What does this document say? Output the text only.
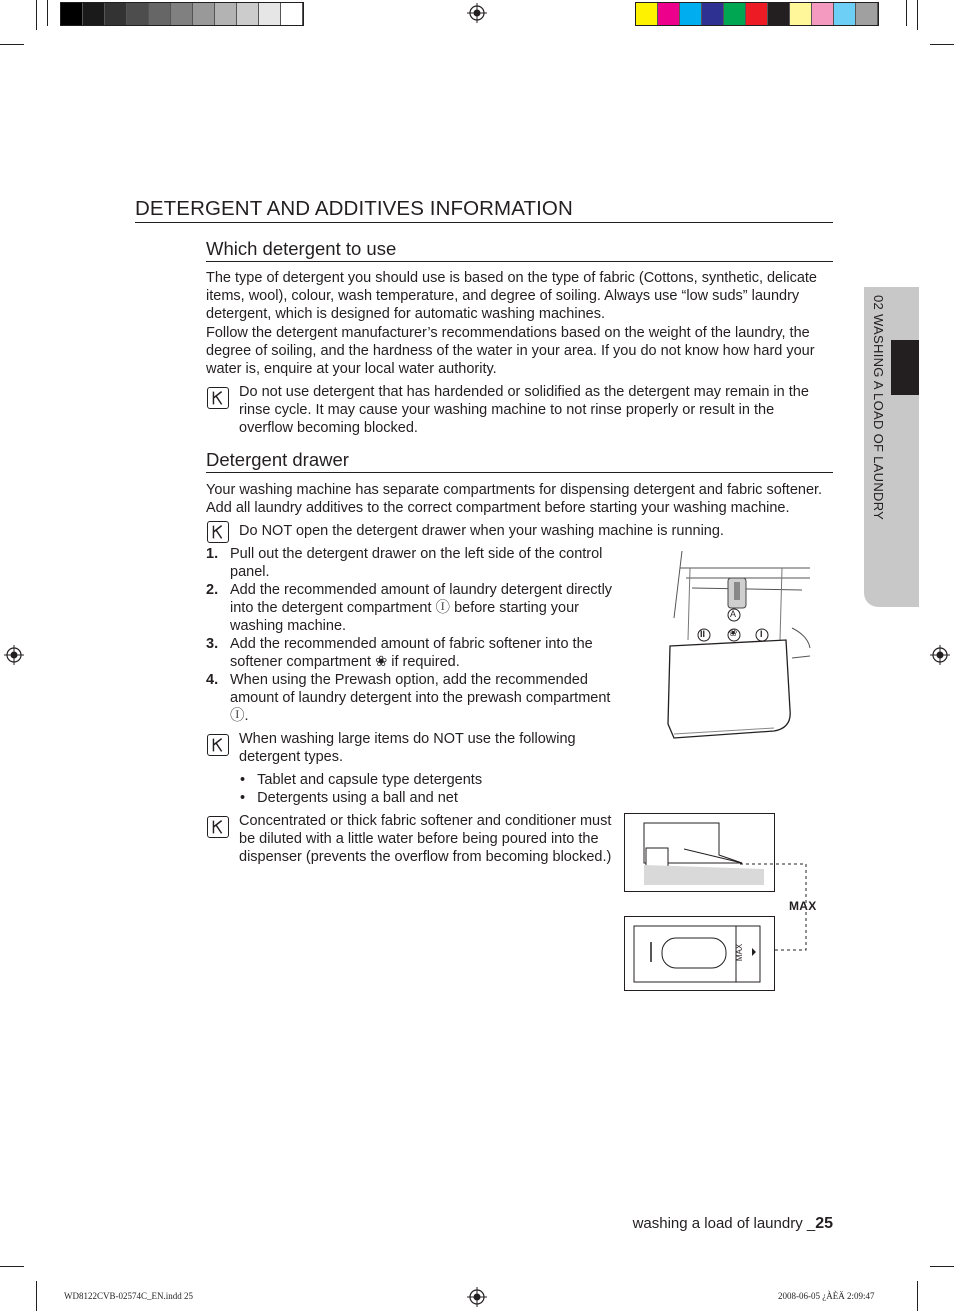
02 WASHING A LOAD OF LAUNDRY
DETERGENT AND ADDITIVES INFORMATION
Which detergent to use

The type of detergent you should use is based on the type of fabric (Cottons, synthetic, delicate items, wool), colour, wash temperature, and degree of soiling. Always use “low suds” laundry detergent, which is designed for automatic washing machines.

Follow the detergent manufacturer’s recommendations based on the weight of the laundry, the degree of soiling, and the hardness of the water in your area. If you do not know how hard your water is, enquire at your local water authority.

Do not use detergent that has hardended or solidified as the detergent may remain in the rinse cycle. It may cause your washing machine to not rinse properly or result in the overflow becoming blocked.

Detergent drawer

Your washing machine has separate compartments for dispensing detergent and fabric softener. Add all laundry additives to the correct compartment before starting your washing machine.

Do NOT open the detergent drawer when your washing machine is running.

1. Pull out the detergent drawer on the left side of the control panel.

2. Add the recommended amount of laundry detergent directly into the detergent compartment Ⓘ before starting your washing machine.

3. Add the recommended amount of fabric softener into the softener compartment ❀ if required.

4. When using the Prewash option, add the recommended amount of laundry detergent into the prewash compartment Ⓘ.

When washing large items do NOT use the following detergent types.

•   Tablet and capsule type detergents
•   Detergents using a ball and net

Concentrated or thick fabric softener and conditioner must be diluted with a little water before being poured into the dispenser (prevents the overflow from becoming blocked.)

A
II ❀	I
MAX
MAX
washing a load of laundry _25
WD8122CVB-02574C_EN.indd 25	2008-06-05 ¿ÀÈÄ 2:09:47
